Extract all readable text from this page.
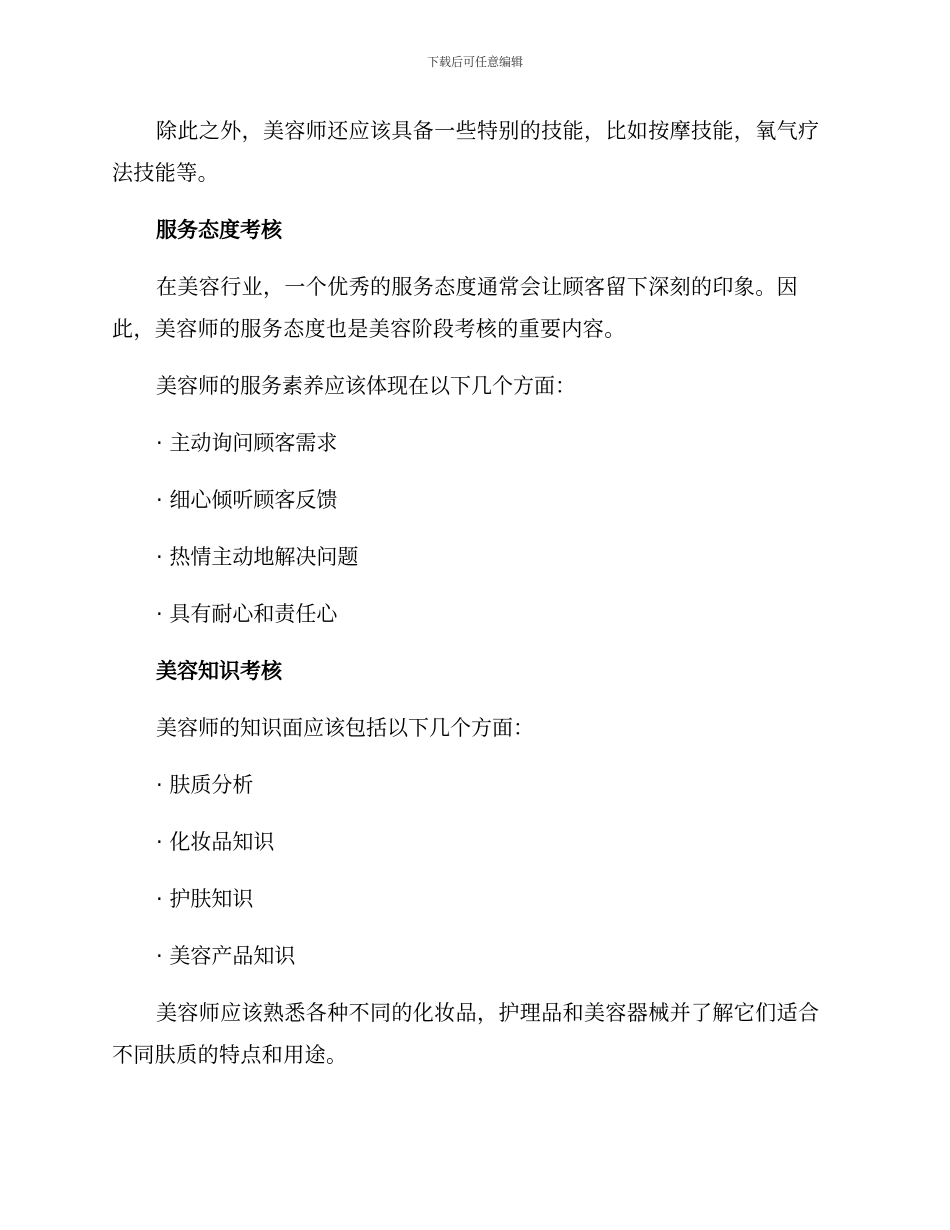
下载后可任意编辑

除此之外，美容师还应该具备一些特别的技能，比如按摩技能，氧气疗法技能等。

服务态度考核

在美容行业，一个优秀的服务态度通常会让顾客留下深刻的印象。因此，美容师的服务态度也是美容阶段考核的重要内容。

美容师的服务素养应该体现在以下几个方面：

· 主动询问顾客需求

· 细心倾听顾客反馈

· 热情主动地解决问题

· 具有耐心和责任心

美容知识考核

美容师的知识面应该包括以下几个方面：

· 肤质分析

· 化妆品知识

· 护肤知识

· 美容产品知识

美容师应该熟悉各种不同的化妆品，护理品和美容器械并了解它们适合不同肤质的特点和用途。
